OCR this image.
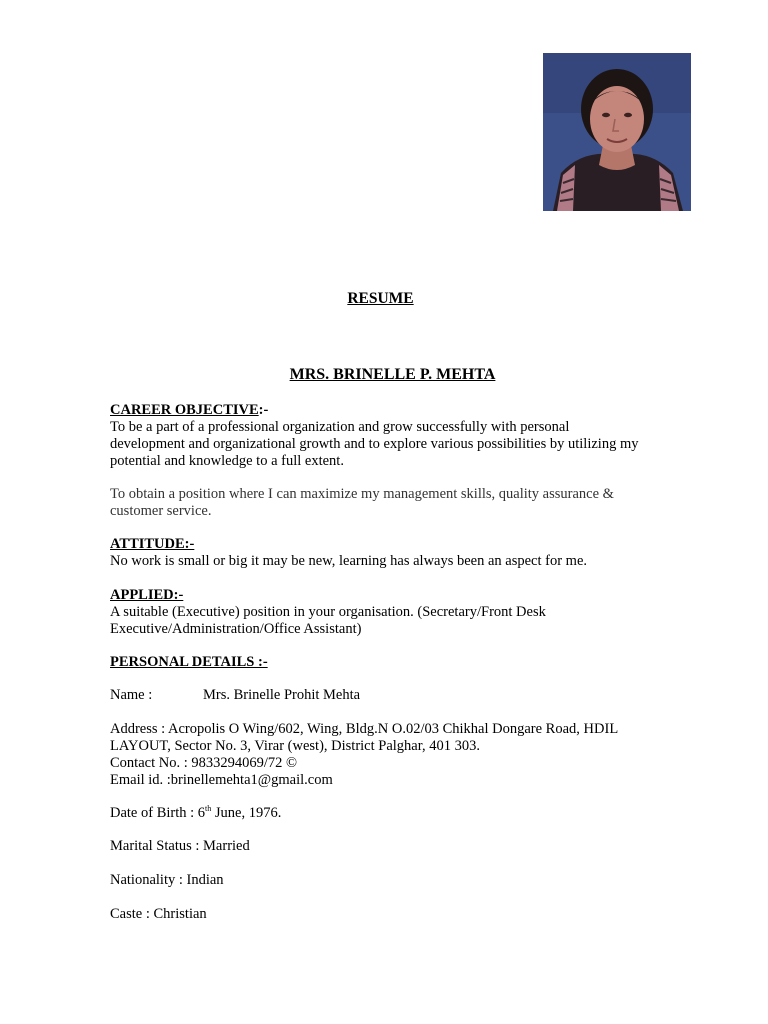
RESUME
MRS. BRINELLE P. MEHTA
CAREER OBJECTIVE:-
To be a part of a professional organization and grow successfully with personal
development and organizational growth and to explore various possibilities by utilizing my
potential and knowledge to a full extent.
To obtain a position where I can maximize my management skills, quality assurance &
customer service.
ATTITUDE:-
No work is small or big it may be new, learning has always been an aspect for me.
APPLIED:-
A suitable (Executive) position in your organisation. (Secretary/Front Desk
Executive/Administration/Office Assistant)
PERSONAL DETAILS :-
Name :	Mrs. Brinelle Prohit Mehta
Address : Acropolis O Wing/602, Wing, Bldg.N O.02/03 Chikhal Dongare Road, HDIL
LAYOUT, Sector No. 3, Virar (west), District Palghar, 401 303.
Contact No. : 9833294069/72 ©
Email id. :brinellemehta1@gmail.com
Date of Birth : 6th June, 1976.
Marital Status : Married
Nationality : Indian
Caste : Christian
